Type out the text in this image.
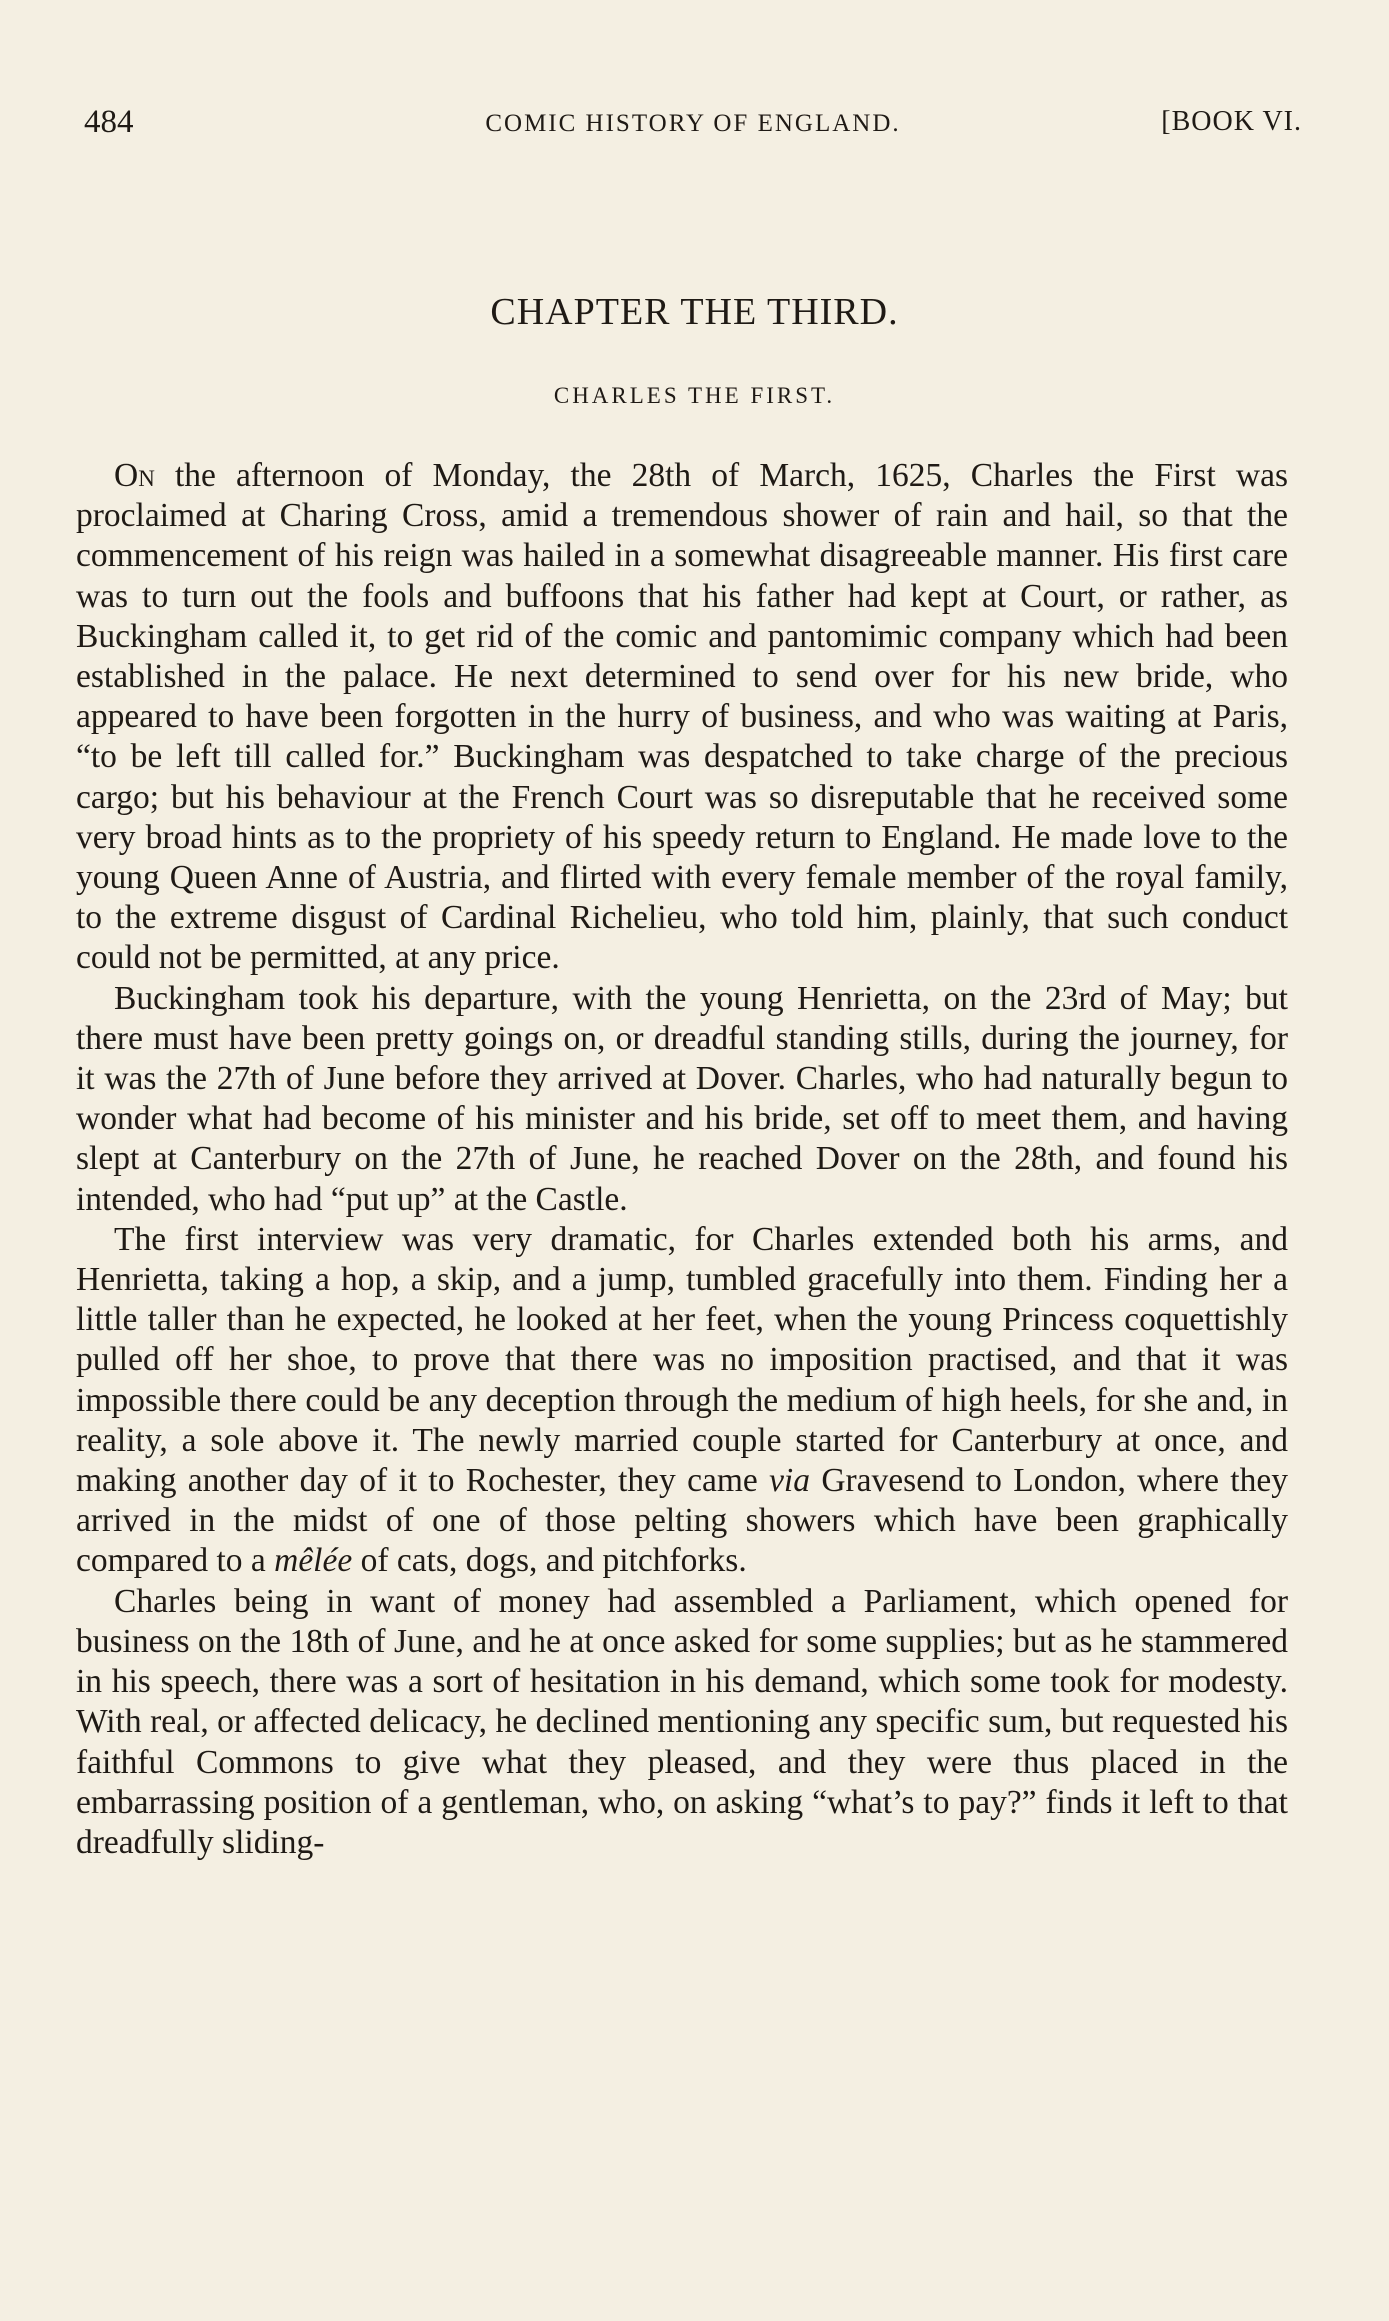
484	COMIC HISTORY OF ENGLAND.	[BOOK VI.
CHAPTER THE THIRD.
CHARLES THE FIRST.

On the afternoon of Monday, the 28th of March, 1625, Charles the First was proclaimed at Charing Cross, amid a tremendous shower of rain and hail, so that the commencement of his reign was hailed in a somewhat disagreeable manner. His first care was to turn out the fools and buffoons that his father had kept at Court, or rather, as Buckingham called it, to get rid of the comic and pantomimic company which had been established in the palace. He next determined to send over for his new bride, who appeared to have been forgotten in the hurry of business, and who was waiting at Paris, “to be left till called for.” Buckingham was despatched to take charge of the precious cargo; but his behaviour at the French Court was so disreputable that he received some very broad hints as to the propriety of his speedy return to England. He made love to the young Queen Anne of Austria, and flirted with every female member of the royal family, to the extreme disgust of Cardinal Richelieu, who told him, plainly, that such conduct could not be permitted, at any price.

Buckingham took his departure, with the young Henrietta, on the 23rd of May; but there must have been pretty goings on, or dreadful standing stills, during the journey, for it was the 27th of June before they arrived at Dover. Charles, who had naturally begun to wonder what had become of his minister and his bride, set off to meet them, and having slept at Canterbury on the 27th of June, he reached Dover on the 28th, and found his intended, who had “put up” at the Castle.

The first interview was very dramatic, for Charles extended both his arms, and Henrietta, taking a hop, a skip, and a jump, tumbled gracefully into them. Finding her a little taller than he expected, he looked at her feet, when the young Princess coquettishly pulled off her shoe, to prove that there was no imposition practised, and that it was impossible there could be any deception through the medium of high heels, for she and, in reality, a sole above it. The newly married couple started for Canterbury at once, and making another day of it to Rochester, they came via Gravesend to London, where they arrived in the midst of one of those pelting showers which have been graphically compared to a mêlée of cats, dogs, and pitchforks.

Charles being in want of money had assembled a Parliament, which opened for business on the 18th of June, and he at once asked for some supplies; but as he stammered in his speech, there was a sort of hesitation in his demand, which some took for modesty. With real, or affected delicacy, he declined mentioning any specific sum, but requested his faithful Commons to give what they pleased, and they were thus placed in the embarrassing position of a gentleman, who, on asking “what’s to pay?” finds it left to that dreadfully sliding-
